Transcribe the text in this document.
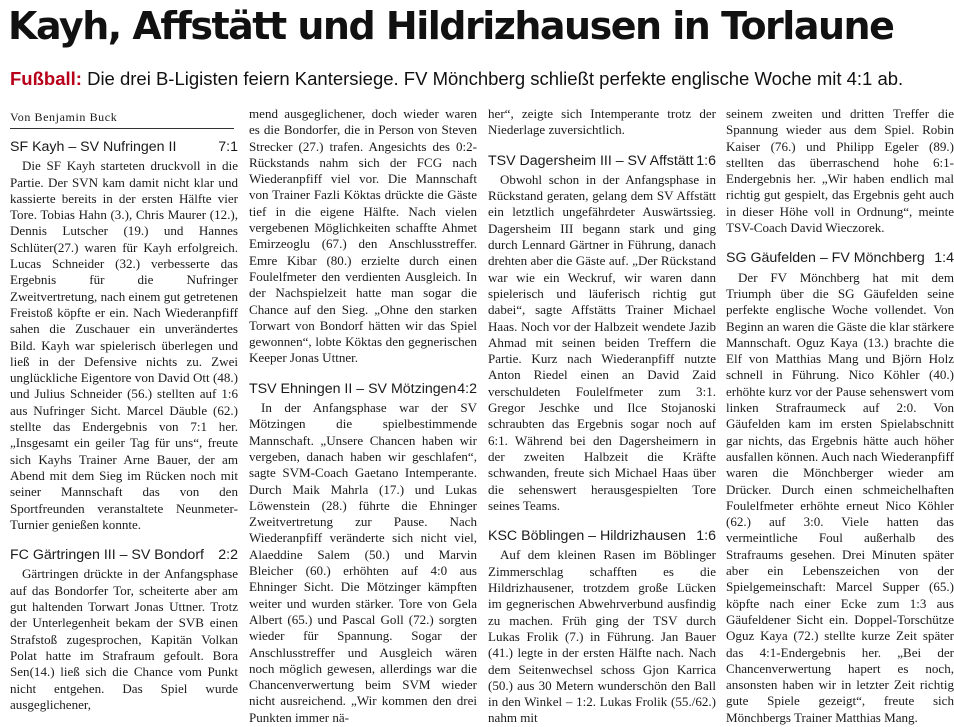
Kayh, Affstätt und Hildrizhausen in Torlaune
Fußball: Die drei B-Ligisten feiern Kantersiege. FV Mönchberg schließt perfekte englische Woche mit 4:1 ab.
Von Benjamin Buck
SF Kayh – SV Nufringen II	7:1

Die SF Kayh starteten druckvoll in die Partie. Der SVN kam damit nicht klar und kassierte bereits in der ersten Hälfte vier Tore. Tobias Hahn (3.), Chris Maurer (12.), Dennis Lutscher (19.) und Hannes Schlüter(27.) waren für Kayh erfolgreich. Lucas Schneider (32.) verbesserte das Ergebnis für die Nufringer Zweitvertretung, nach einem gut getretenen Freistoß köpfte er ein. Nach Wiederanpfiff sahen die Zuschauer ein unverändertes Bild. Kayh war spielerisch überlegen und ließ in der Defensive nichts zu. Zwei unglückliche Eigentore von David Ott (48.) und Julius Schneider (56.) stellten auf 1:6 aus Nufringer Sicht. Marcel Däuble (62.) stellte das Endergebnis von 7:1 her. „Insgesamt ein geiler Tag für uns“, freute sich Kayhs Trainer Arne Bauer, der am Abend mit dem Sieg im Rücken noch mit seiner Mannschaft das von den Sportfreunden veranstaltete Neunmeter-Turnier genießen konnte.

FC Gärtringen III – SV Bondorf 2:2

Gärtringen drückte in der Anfangsphase auf das Bondorfer Tor, scheiterte aber am gut haltenden Torwart Jonas Uttner. Trotz der Unterlegenheit bekam der SVB einen Strafstoß zugesprochen, Kapitän Volkan Polat hatte im Strafraum gefoult. Bora Sen(14.) ließ sich die Chance vom Punkt nicht entgehen. Das Spiel wurde ausgeglichener,

mend ausgeglichener, doch wieder waren es die Bondorfer, die in Person von Steven Strecker (27.) trafen. Angesichts des 0:2-Rückstands nahm sich der FCG nach Wiederanpfiff viel vor. Die Mannschaft von Trainer Fazli Köktas drückte die Gäste tief in die eigene Hälfte. Nach vielen vergebenen Möglichkeiten schaffte Ahmet Emirzeoglu (67.) den Anschlusstreffer. Emre Kibar (80.) erzielte durch einen Foulelfmeter den verdienten Ausgleich. In der Nachspielzeit hatte man sogar die Chance auf den Sieg. „Ohne den starken Torwart von Bondorf hätten wir das Spiel gewonnen“, lobte Köktas den gegnerischen Keeper Jonas Uttner.

TSV Ehningen II – SV Mötzingen 4:2

In der Anfangsphase war der SV Mötzingen die spielbestimmende Mannschaft. „Unsere Chancen haben wir vergeben, danach haben wir geschlafen“, sagte SVM-Coach Gaetano Intemperante. Durch Maik Mahrla (17.) und Lukas Löwenstein (28.) führte die Ehninger Zweitvertretung zur Pause. Nach Wiederanpfiff veränderte sich nicht viel, Alaeddine Salem (50.) und Marvin Bleicher (60.) erhöhten auf 4:0 aus Ehninger Sicht. Die Mötzinger kämpften weiter und wurden stärker. Tore von Gela Albert (65.) und Pascal Goll (72.) sorgten wieder für Spannung. Sogar der Anschlusstreffer und Ausgleich wären noch möglich gewesen, allerdings war die Chancenverwertung beim SVM wieder nicht ausreichend. „Wir kommen den drei Punkten immer nä-

her“, zeigte sich Intemperante trotz der Niederlage zuversichtlich.

TSV Dagersheim III – SV Affstätt 1:6

Obwohl schon in der Anfangsphase in Rückstand geraten, gelang dem SV Affstätt ein letztlich ungefährdeter Auswärtssieg. Dagersheim III begann stark und ging durch Lennard Gärtner in Führung, danach drehten aber die Gäste auf. „Der Rückstand war wie ein Weckruf, wir waren dann spielerisch und läuferisch richtig gut dabei“, sagte Affstätts Trainer Michael Haas. Noch vor der Halbzeit wendete Jazib Ahmad mit seinen beiden Treffern die Partie. Kurz nach Wiederanpfiff nutzte Anton Riedel einen an David Zaid verschuldeten Foulelfmeter zum 3:1. Gregor Jeschke und Ilce Stojanoski schraubten das Ergebnis sogar noch auf 6:1. Während bei den Dagersheimern in der zweiten Halbzeit die Kräfte schwanden, freute sich Michael Haas über die sehenswert herausgespielten Tore seines Teams.

KSC Böblingen – Hildrizhausen 1:6

Auf dem kleinen Rasen im Böblinger Zimmerschlag schafften es die Hildrizhausener, trotzdem große Lücken im gegnerischen Abwehrverbund ausfindig zu machen. Früh ging der TSV durch Lukas Frolik (7.) in Führung. Jan Bauer (41.) legte in der ersten Hälfte nach. Nach dem Seitenwechsel schoss Gjon Karrica (50.) aus 30 Metern wunderschön den Ball in den Winkel – 1:2. Lukas Frolik (55./62.) nahm mit

seinem zweiten und dritten Treffer die Spannung wieder aus dem Spiel. Robin Kaiser (76.) und Philipp Egeler (89.) stellten das überraschend hohe 6:1-Endergebnis her. „Wir haben endlich mal richtig gut gespielt, das Ergebnis geht auch in dieser Höhe voll in Ordnung“, meinte TSV-Coach David Wieczorek.

SG Gäufelden – FV Mönchberg 1:4

Der FV Mönchberg hat mit dem Triumph über die SG Gäufelden seine perfekte englische Woche vollendet. Von Beginn an waren die Gäste die klar stärkere Mannschaft. Oguz Kaya (13.) brachte die Elf von Matthias Mang und Björn Holz schnell in Führung. Nico Köhler (40.) erhöhte kurz vor der Pause sehenswert vom linken Strafraumeck auf 2:0. Von Gäufelden kam im ersten Spielabschnitt gar nichts, das Ergebnis hätte auch höher ausfallen können. Auch nach Wiederanpfiff waren die Mönchberger wieder am Drücker. Durch einen schmeichelhaften Foulelfmeter erhöhte erneut Nico Köhler (62.) auf 3:0. Viele hatten das vermeintliche Foul außerhalb des Strafraums gesehen. Drei Minuten später aber ein Lebenszeichen von der Spielgemeinschaft: Marcel Supper (65.) köpfte nach einer Ecke zum 1:3 aus Gäufeldener Sicht ein. Doppel-Torschütze Oguz Kaya (72.) stellte kurze Zeit später das 4:1-Endergebnis her. „Bei der Chancenverwertung hapert es noch, ansonsten haben wir in letzter Zeit richtig gute Spiele gezeigt“, freute sich Mönchbergs Trainer Matthias Mang.
